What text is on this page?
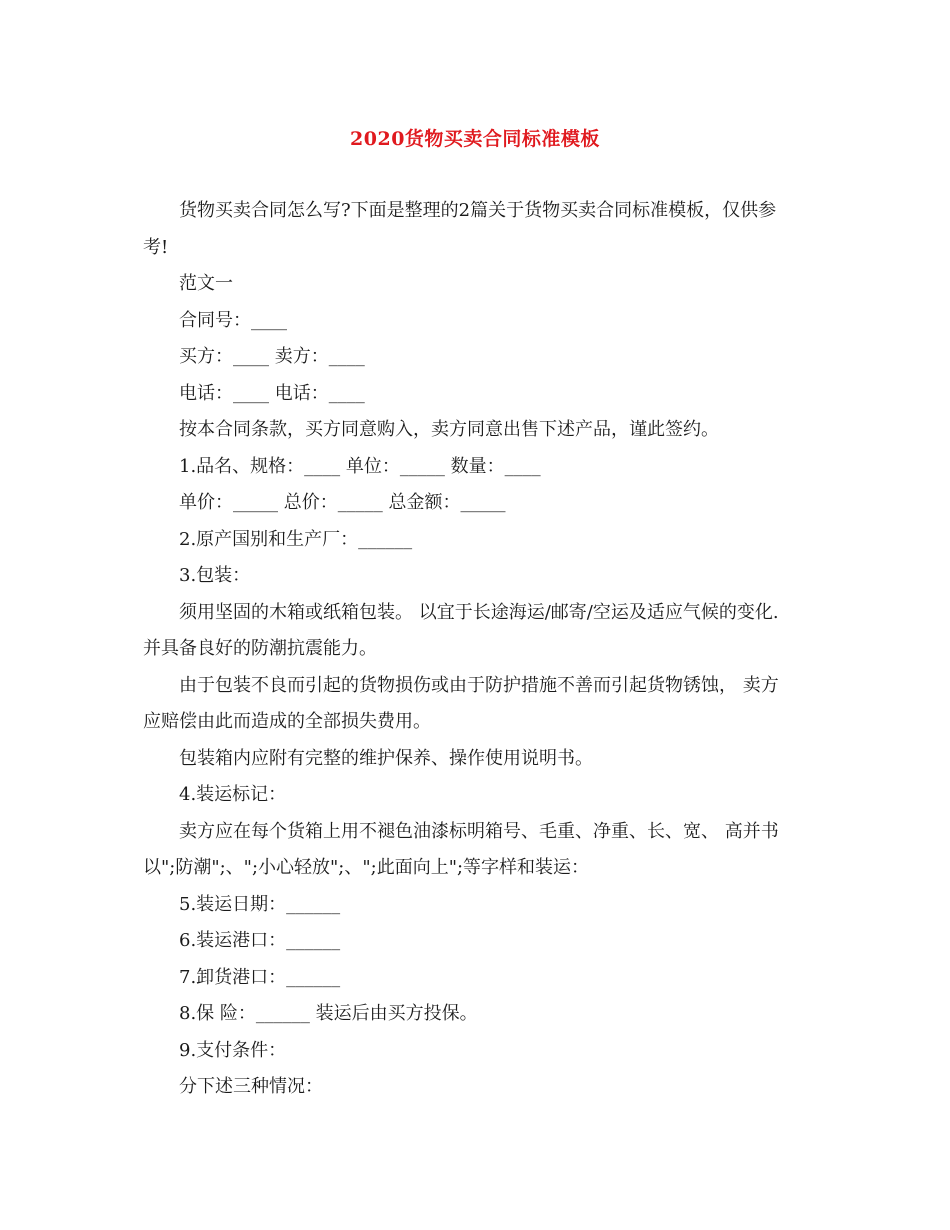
2020货物买卖合同标准模板

货物买卖合同怎么写?下面是整理的2篇关于货物买卖合同标准模板，仅供参

考!

范文一

合同号：____

买方：____ 卖方：____

电话：____ 电话：____

按本合同条款，买方同意购入，卖方同意出售下述产品，谨此签约。

1.品名、规格：____ 单位：_____ 数量：____

单价：_____ 总价：_____ 总金额：_____

2.原产国别和生产厂：______

3.包装：

须用坚固的木箱或纸箱包装。 以宜于长途海运/邮寄/空运及适应气候的变化.

并具备良好的防潮抗震能力。

由于包装不良而引起的货物损伤或由于防护措施不善而引起货物锈蚀， 卖方

应赔偿由此而造成的全部损失费用。

包装箱内应附有完整的维护保养、操作使用说明书。

4.装运标记：

卖方应在每个货箱上用不褪色油漆标明箱号、毛重、净重、长、宽、 高并书

以";防潮";、";小心轻放";、";此面向上";等字样和装运：

5.装运日期：______

6.装运港口：______

7.卸货港口：______

8.保 险：______ 装运后由买方投保。

9.支付条件：

分下述三种情况：
